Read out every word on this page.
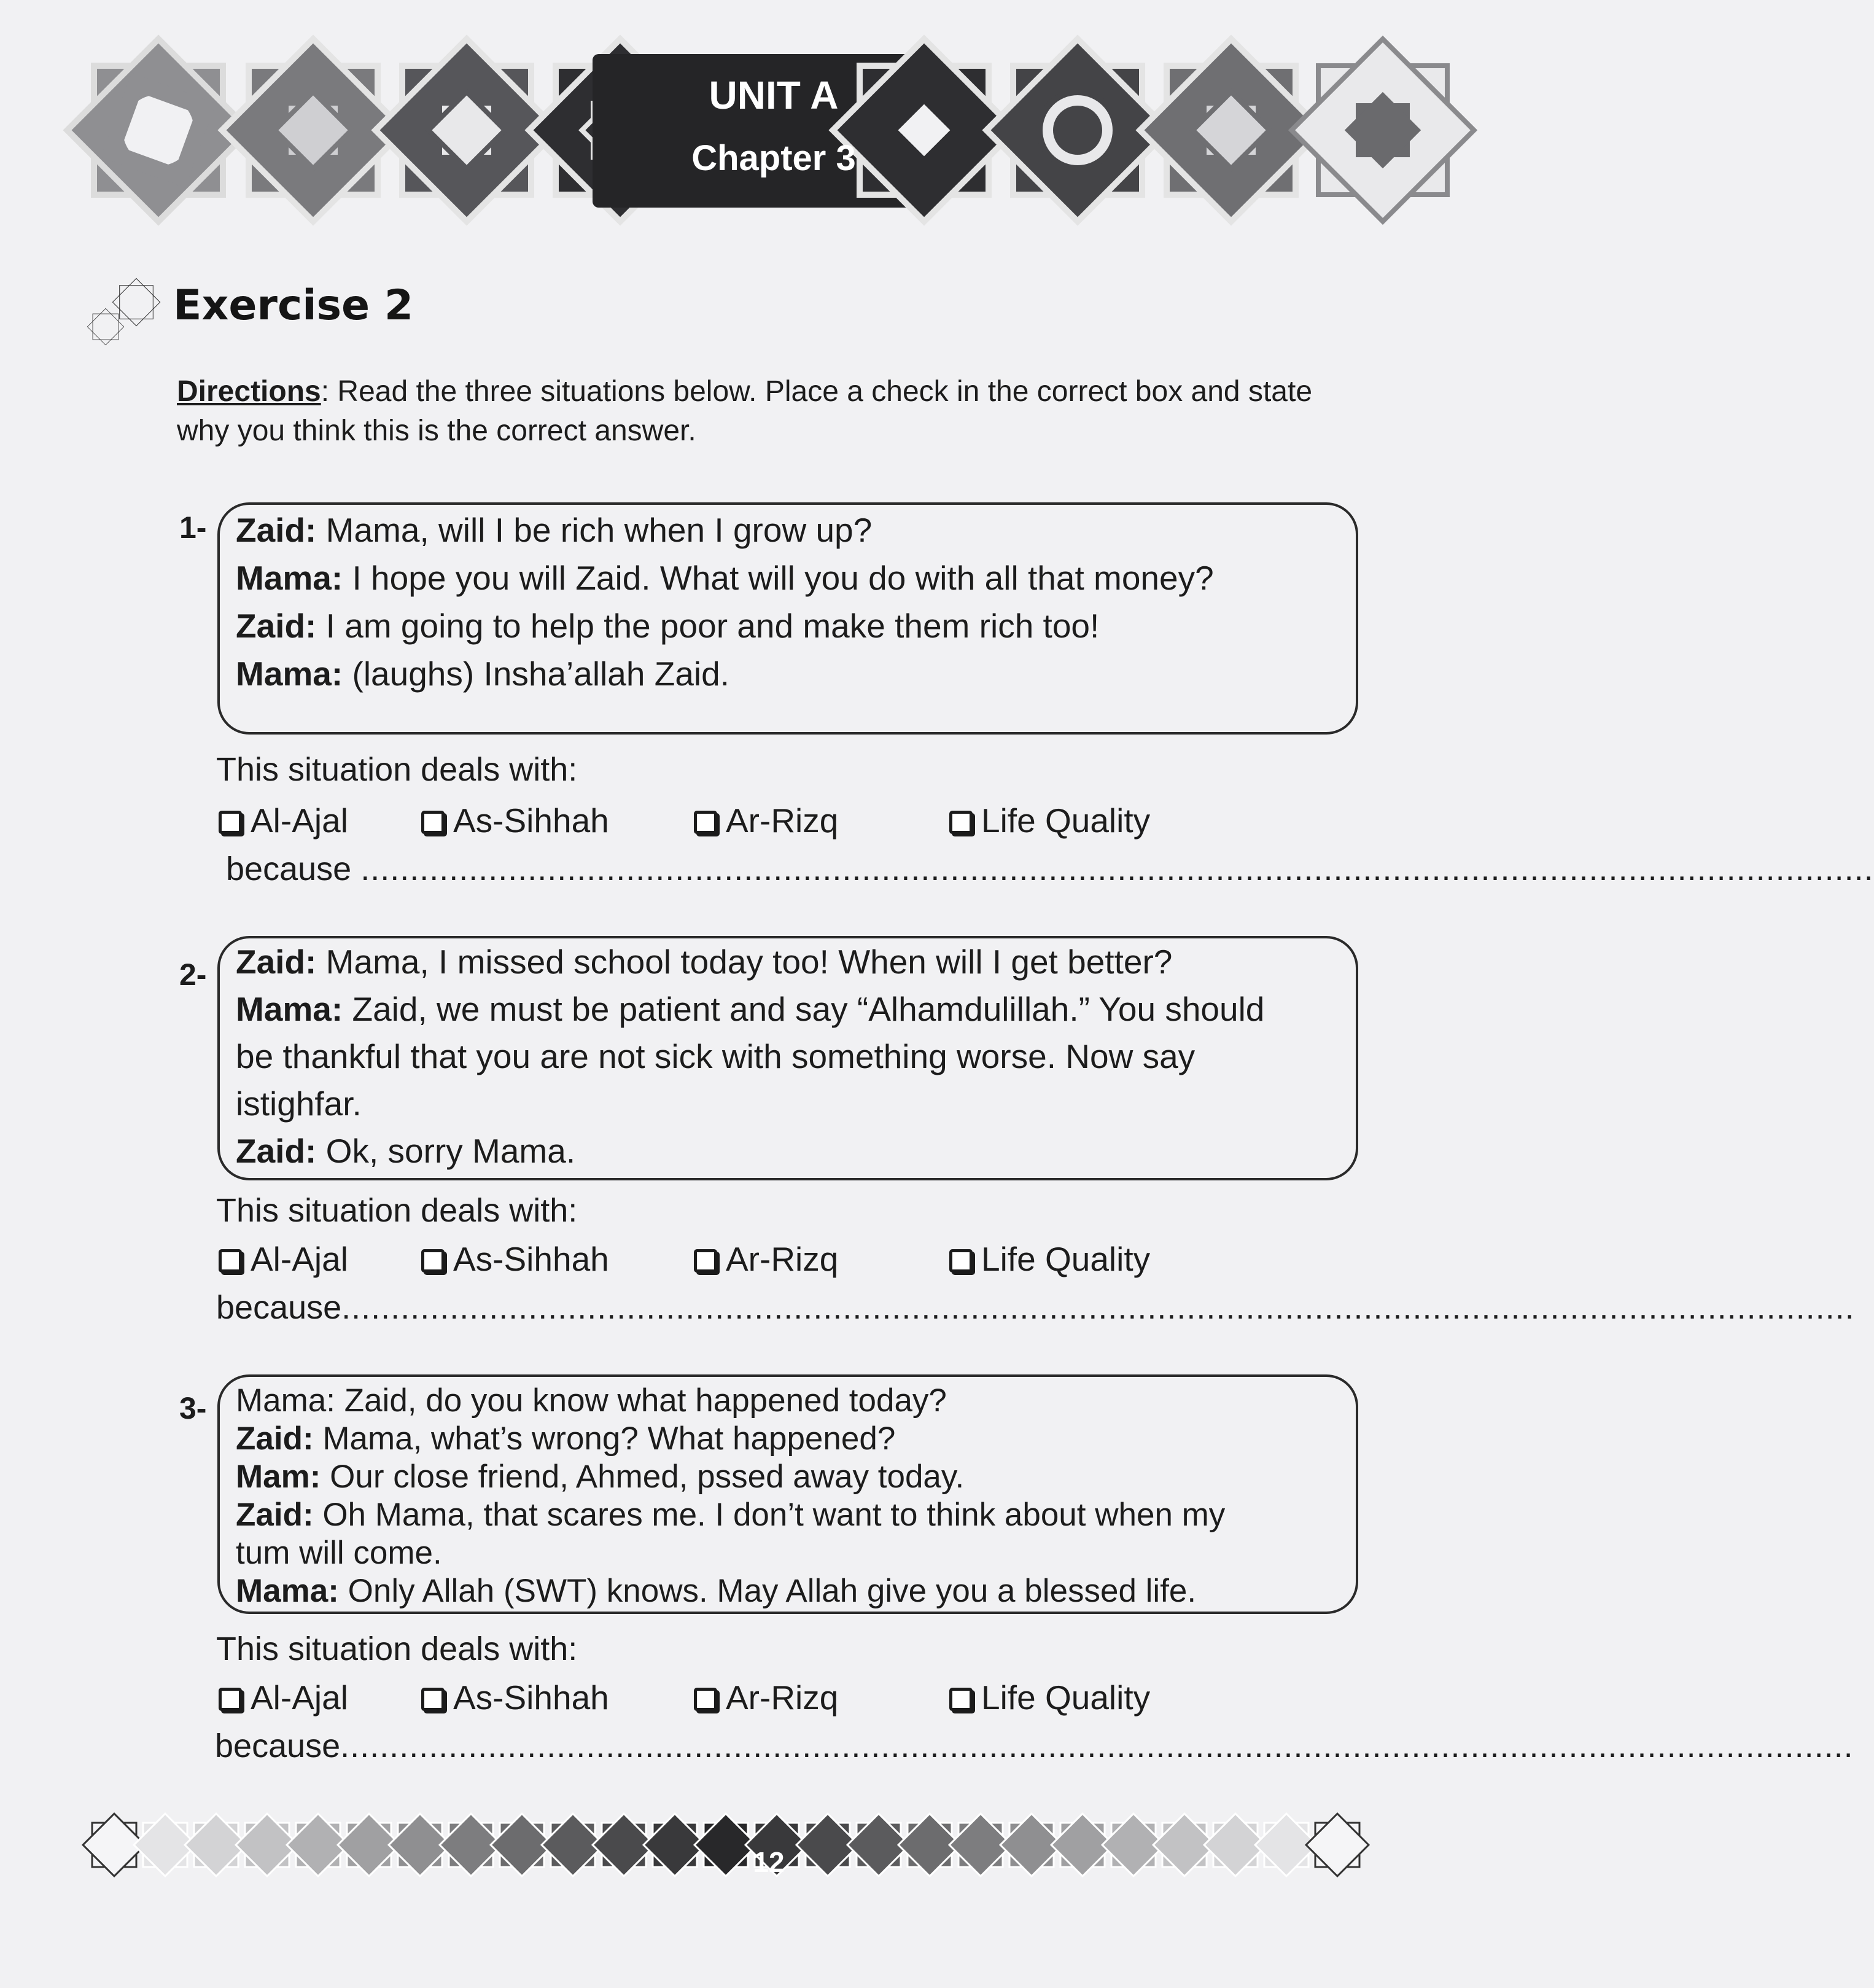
UNIT A
Chapter 3
Exercise 2
Directions: Read the three situations below. Place a check in the correct box and state
why you think this is the correct answer.
1- Zaid: Mama, will I be rich when I grow up?
Mama: I hope you will Zaid. What will you do with all that money?
Zaid: I am going to help the poor and make them rich too!
Mama: (laughs) Insha’allah Zaid.
This situation deals with:
Al-Ajal	As-Sihhah	Ar-Rizq	Life Quality
because ..........................................................................................................................................................
2- Zaid: Mama, I missed school today too! When will I get better?
Mama: Zaid, we must be patient and say “Alhamdulillah.” You should
be thankful that you are not sick with something worse. Now say
istighfar.
Zaid: Ok, sorry Mama.
This situation deals with:
Al-Ajal	As-Sihhah	Ar-Rizq	Life Quality
because..........................................................................................................................................................
3- Mama: Zaid, do you know what happened today?
Zaid: Mama, what’s wrong? What happened?
Mam: Our close friend, Ahmed, pssed away today.
Zaid: Oh Mama, that scares me. I don’t want to think about when my
tum will come.
Mama: Only Allah (SWT) knows. May Allah give you a blessed life.
This situation deals with:
Al-Ajal	As-Sihhah	Ar-Rizq	Life Quality
because..........................................................................................................................................................
12
